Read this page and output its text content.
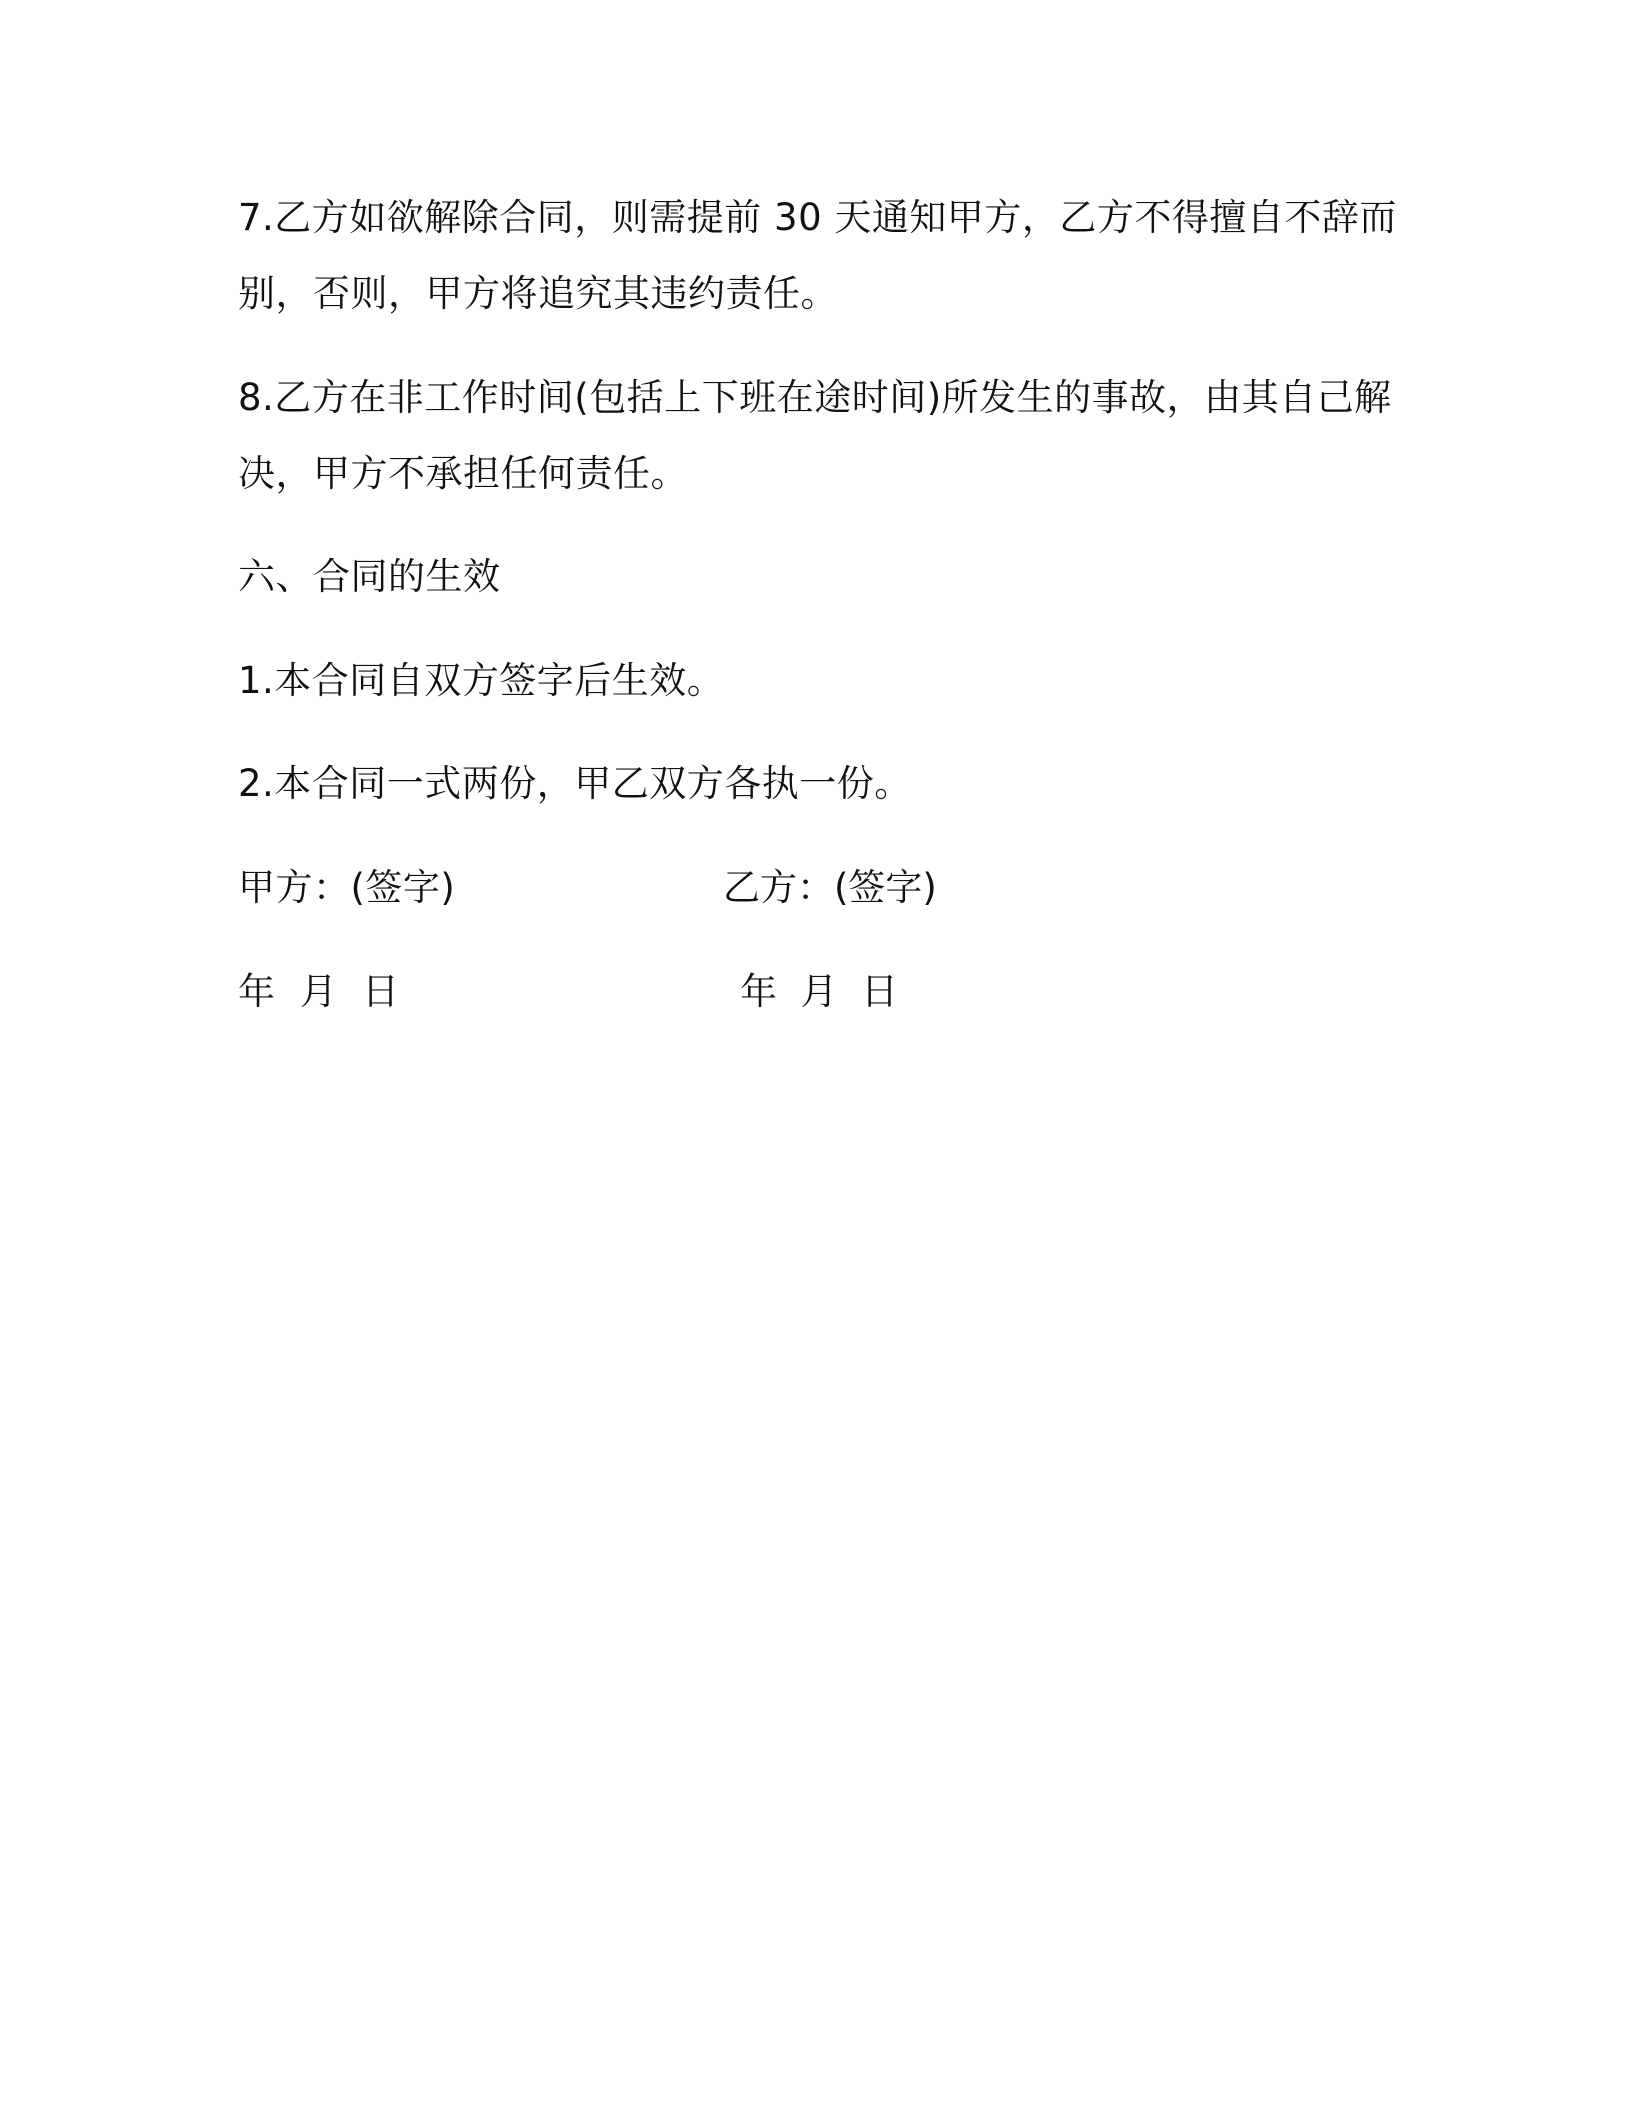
7.乙方如欲解除合同，则需提前 30 天通知甲方，乙方不得擅自不辞而
别，否则，甲方将追究其违约责任。
8.乙方在非工作时间(包括上下班在途时间)所发生的事故，由其自己解
决，甲方不承担任何责任。
六、合同的生效
1.本合同自双方签字后生效。
2.本合同一式两份，甲乙双方各执一份。
甲方：(签字)	乙方：(签字)
年  月  日	年  月  日
